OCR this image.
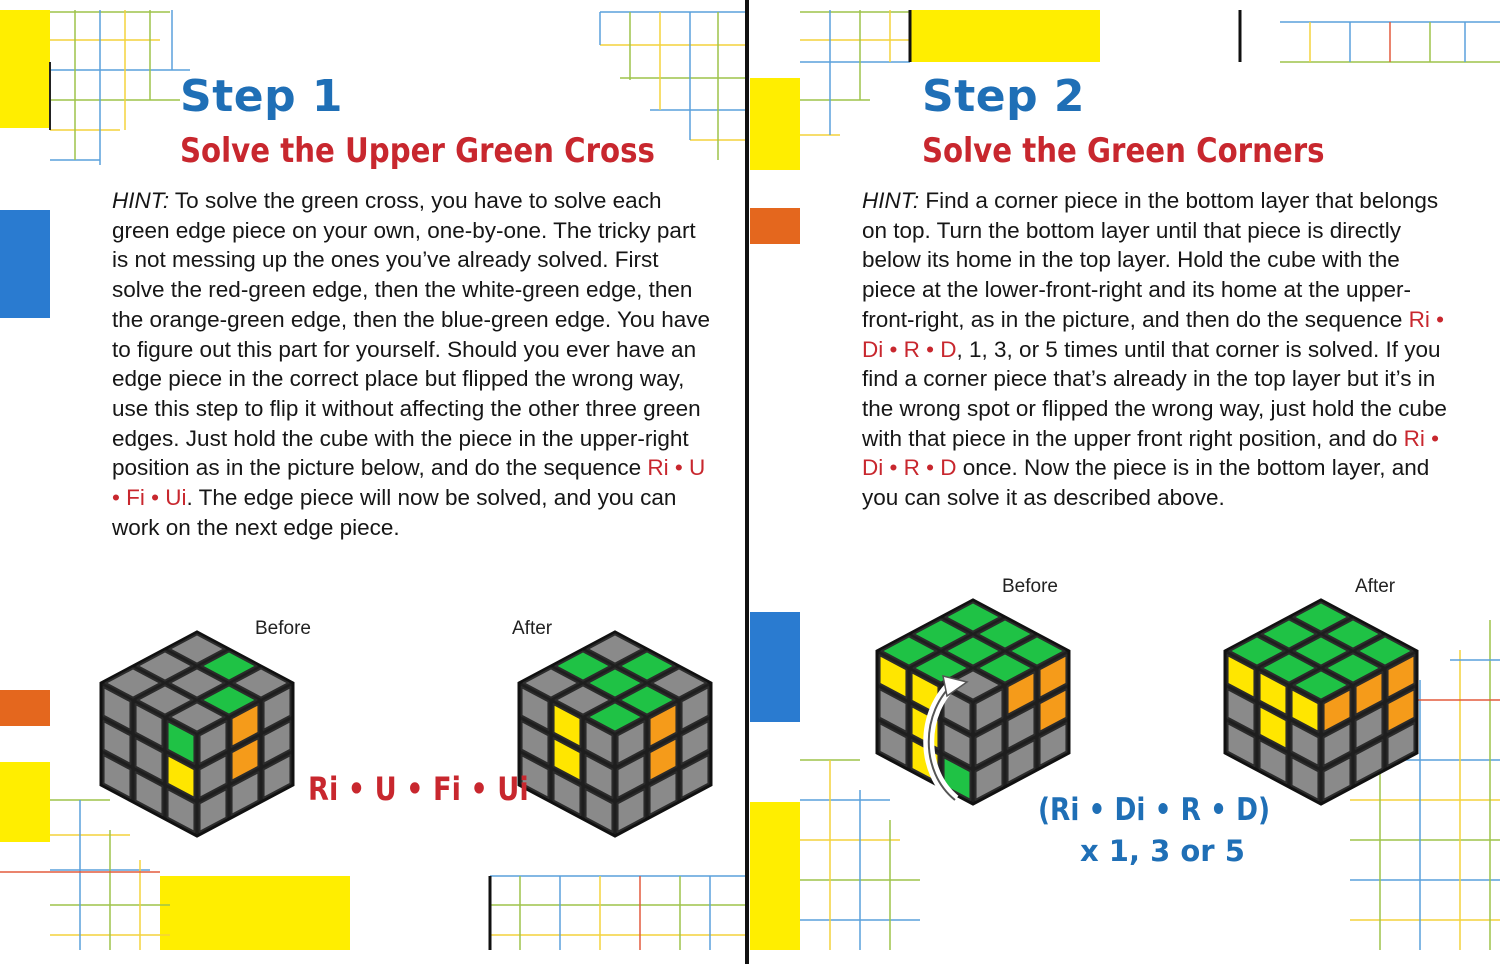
Step 1
Solve the Upper Green Cross

HINT: To solve the green cross, you have to solve each green edge piece on your own, one-by-one. The tricky part is not messing up the ones you’ve already solved. First solve the red-green edge, then the white-green edge, then the orange-green edge, then the blue-green edge. You have to figure out this part for yourself. Should you ever have an edge piece in the correct place but flipped the wrong way, use this step to flip it without affecting the other three green edges. Just hold the cube with the piece in the upper-right position as in the picture below, and do the sequence Ri • U • Fi • Ui. The edge piece will now be solved, and you can work on the next edge piece.

Before	After
Ri • U • Fi • Ui
Step 2
Solve the Green Corners

HINT: Find a corner piece in the bottom layer that belongs on top. Turn the bottom layer until that piece is directly below its home in the top layer. Hold the cube with the piece at the lower-front-right and its home at the upper-front-right, as in the picture, and then do the sequence Ri • Di • R • D, 1, 3, or 5 times until that corner is solved. If you find a corner piece that’s already in the top layer but it’s in the wrong spot or flipped the wrong way, just hold the cube with that piece in the upper front right position, and do Ri • Di • R • D once. Now the piece is in the bottom layer, and you can solve it as described above.

Before	After
(Ri • Di • R • D)
x 1, 3 or 5
